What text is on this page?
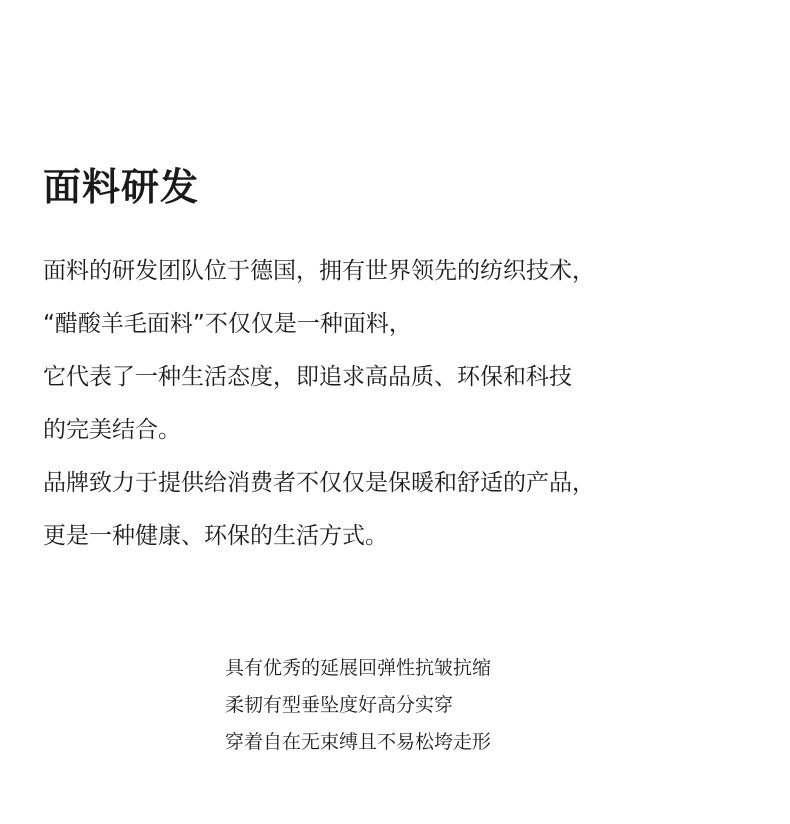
面料研发
面料的研发团队位于德国，拥有世界领先的纺织技术，
“醋酸羊毛面料”不仅仅是一种面料，
它代表了一种生活态度，即追求高品质、环保和科技
的完美结合。
品牌致力于提供给消费者不仅仅是保暖和舒适的产品，
更是一种健康、环保的生活方式。
具有优秀的延展回弹性抗皱抗缩
柔韧有型垂坠度好高分实穿
穿着自在无束缚且不易松垮走形
